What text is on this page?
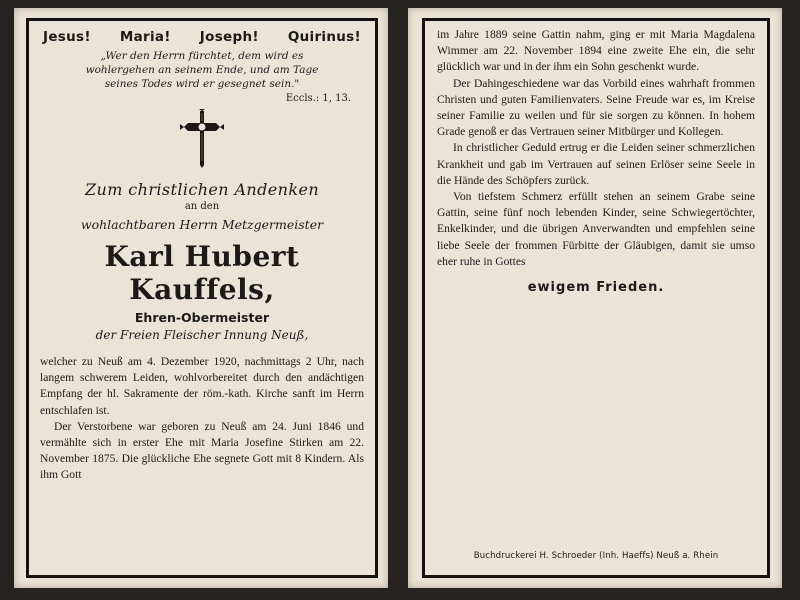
Jesus! Maria! Joseph! Quirinus!
„Wer den Herrn fürchtet, dem wird es
wohlergehen an seinem Ende, und am Tage
seines Todes wird er gesegnet sein."
Eccls.: 1, 13.
Zum christlichen Andenken
an den
wohlachtbaren Herrn Metzgermeister
Karl Hubert Kauffels,
Ehren-Obermeister
der Freien Fleischer Innung Neuß,

welcher zu Neuß am 4. Dezember 1920, nachmittags 2 Uhr, nach langem schwerem Leiden, wohlvorbereitet durch den andächtigen Empfang der hl. Sakramente der röm.-kath. Kirche sanft im Herrn entschlafen ist.

Der Verstorbene war geboren zu Neuß am 24. Juni 1846 und vermählte sich in erster Ehe mit Maria Josefine Stirken am 22. November 1875. Die glückliche Ehe segnete Gott mit 8 Kindern. Als ihm Gott

im Jahre 1889 seine Gattin nahm, ging er mit Maria Magdalena Wimmer am 22. November 1894 eine zweite Ehe ein, die sehr glücklich war und in der ihm ein Sohn geschenkt wurde.

Der Dahingeschiedene war das Vorbild eines wahrhaft frommen Christen und guten Familienvaters. Seine Freude war es, im Kreise seiner Familie zu weilen und für sie sorgen zu können. In hohem Grade genoß er das Vertrauen seiner Mitbürger und Kollegen.

In christlicher Geduld ertrug er die Leiden seiner schmerzlichen Krankheit und gab im Vertrauen auf seinen Erlöser seine Seele in die Hände des Schöpfers zurück.

Von tiefstem Schmerz erfüllt stehen an seinem Grabe seine Gattin, seine fünf noch lebenden Kinder, seine Schwiegertöchter, Enkelkinder, und die übrigen Anverwandten und empfehlen seine liebe Seele der frommen Fürbitte der Gläubigen, damit sie umso eher ruhe in Gottes

ewigem Frieden.
Buchdruckerei H. Schroeder (Inh. Haeffs) Neuß a. Rhein
